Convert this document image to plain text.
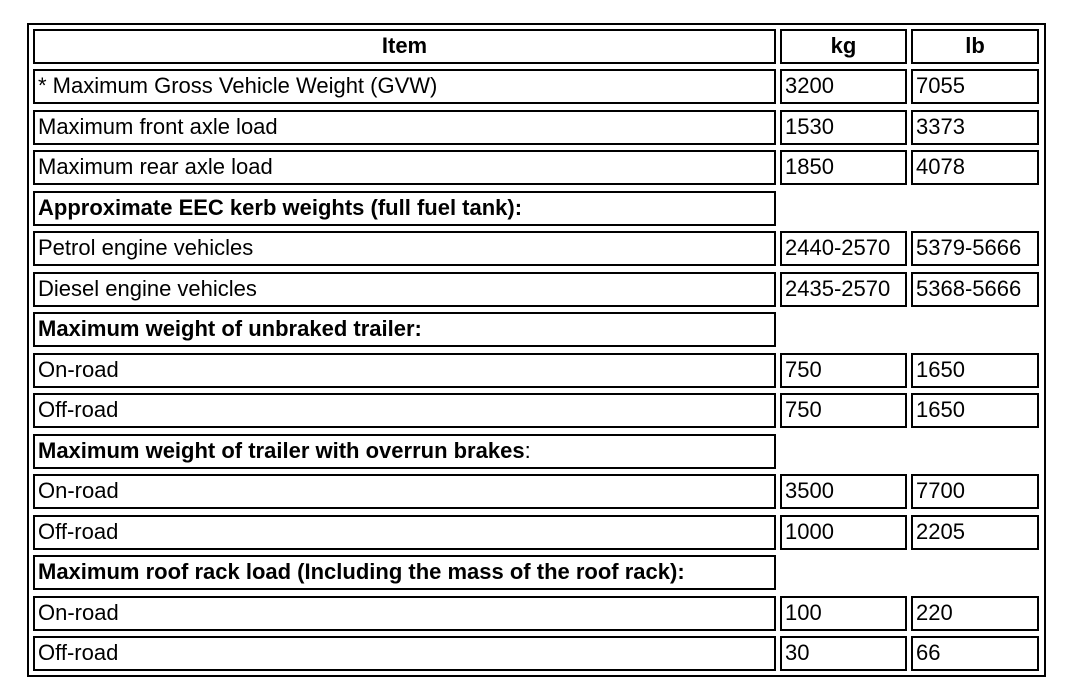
Item	kg	lb
* Maximum Gross Vehicle Weight (GVW)	3200	7055
Maximum front axle load	1530	3373
Maximum rear axle load	1850	4078
Approximate EEC kerb weights (full fuel tank):
Petrol engine vehicles	2440-2570	5379-5666
Diesel engine vehicles	2435-2570	5368-5666
Maximum weight of unbraked trailer:
On-road	750	1650
Off-road	750	1650
Maximum weight of trailer with overrun brakes:
On-road	3500	7700
Off-road	1000	2205
Maximum roof rack load (Including the mass of the roof rack):
On-road	100	220
Off-road	30	66
